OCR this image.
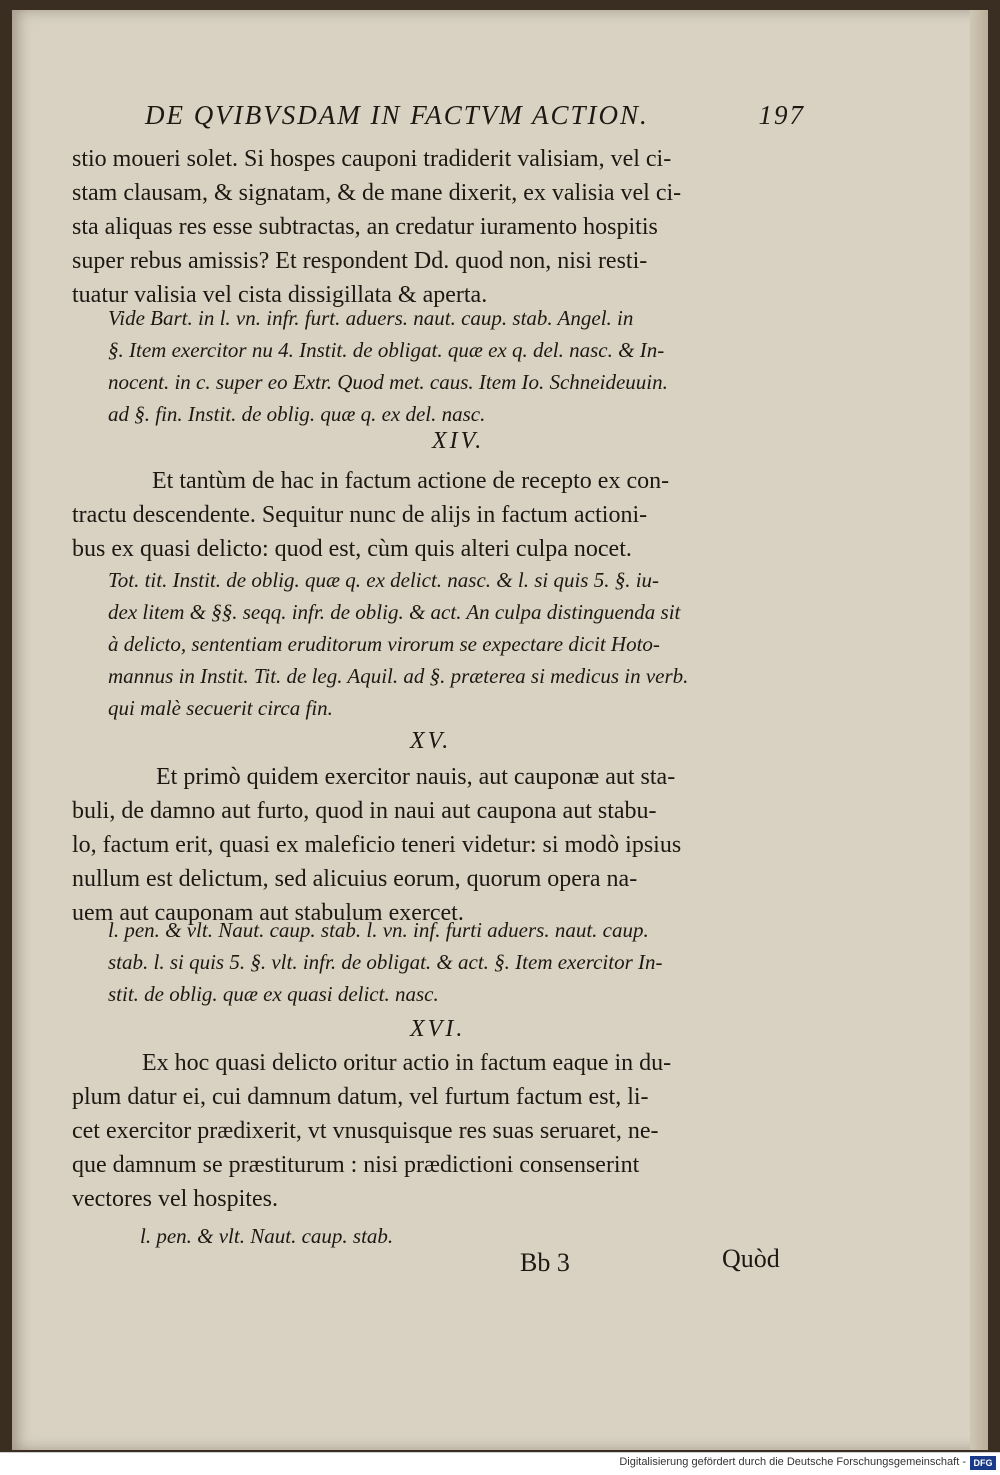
DE QVIBVSDAM IN FACTVM ACTION.	197
stio moueri solet. Si hospes cauponi tradiderit valisiam, vel ci-
stam clausam, & signatam, & de mane dixerit, ex valisia vel ci-
sta aliquas res esse subtractas, an credatur iuramento hospitis
super rebus amissis? Et respondent Dd. quod non, nisi resti-
tuatur valisia vel cista dissigillata & aperta.
Vide Bart. in l. vn. infr. furt. aduers. naut. caup. stab. Angel. in
§. Item exercitor nu 4. Instit. de obligat. quæ ex q. del. nasc. & In-
nocent. in c. super eo Extr. Quod met. caus. Item Io. Schneideuuin.
ad §. fin. Instit. de oblig. quæ q. ex del. nasc.
XIV.
Et tantùm de hac in factum actione de recepto ex con-
tractu descendente. Sequitur nunc de alijs in factum actioni-
bus ex quasi delicto: quod est, cùm quis alteri culpa nocet.
Tot. tit. Instit. de oblig. quæ q. ex delict. nasc. & l. si quis 5. §. iu-
dex litem & §§. seqq. infr. de oblig. & act. An culpa distinguenda sit
à delicto, sententiam eruditorum virorum se expectare dicit Hoto-
mannus in Instit. Tit. de leg. Aquil. ad §. præterea si medicus in verb.
qui malè secuerit circa fin.
XV.
Et primò quidem exercitor nauis, aut cauponæ aut sta-
buli, de damno aut furto, quod in naui aut caupona aut stabu-
lo, factum erit, quasi ex maleficio teneri videtur: si modò ipsius
nullum est delictum, sed alicuius eorum, quorum opera na-
uem aut cauponam aut stabulum exercet.
l. pen. & vlt. Naut. caup. stab. l. vn. inf. furti aduers. naut. caup.
stab. l. si quis 5. §. vlt. infr. de obligat. & act. §. Item exercitor In-
stit. de oblig. quæ ex quasi delict. nasc.
XVI.
Ex hoc quasi delicto oritur actio in factum eaque in du-
plum datur ei, cui damnum datum, vel furtum factum est, li-
cet exercitor prædixerit, vt vnusquisque res suas seruaret, ne-
que damnum se præstiturum : nisi prædictioni consenserint
vectores vel hospites.
l. pen. & vlt. Naut. caup. stab.
Bb 3	Quòd
Digitalisierung gefördert durch die Deutsche Forschungsgemeinschaft - DFG
